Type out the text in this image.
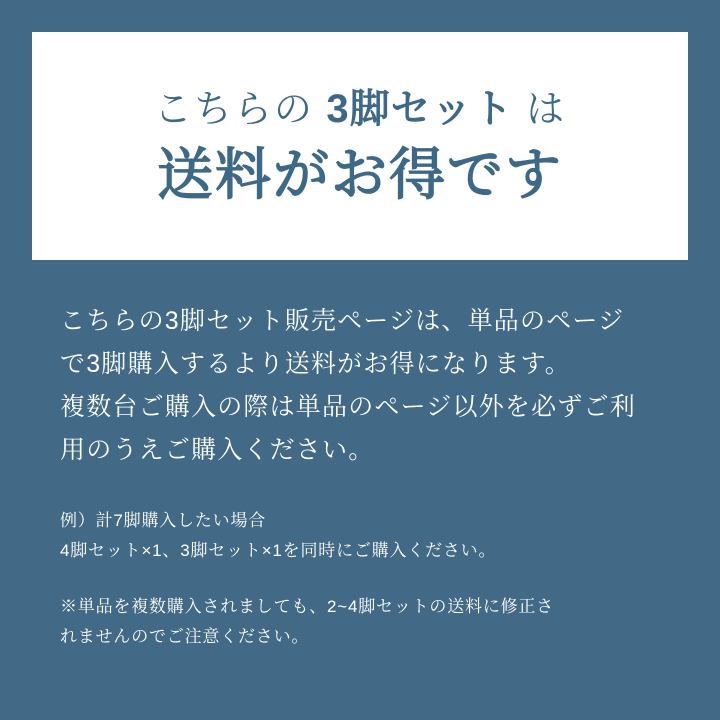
こちらの 3脚セット は
送料がお得です

こちらの3脚セット販売ページは、単品のページ
で3脚購入するより送料がお得になります。
複数台ご購入の際は単品のページ以外を必ずご利
用のうえご購入ください。

例）計7脚購入したい場合
4脚セット×1、3脚セット×1を同時にご購入ください。

※単品を複数購入されましても、2~4脚セットの送料に修正さ
れませんのでご注意ください。
